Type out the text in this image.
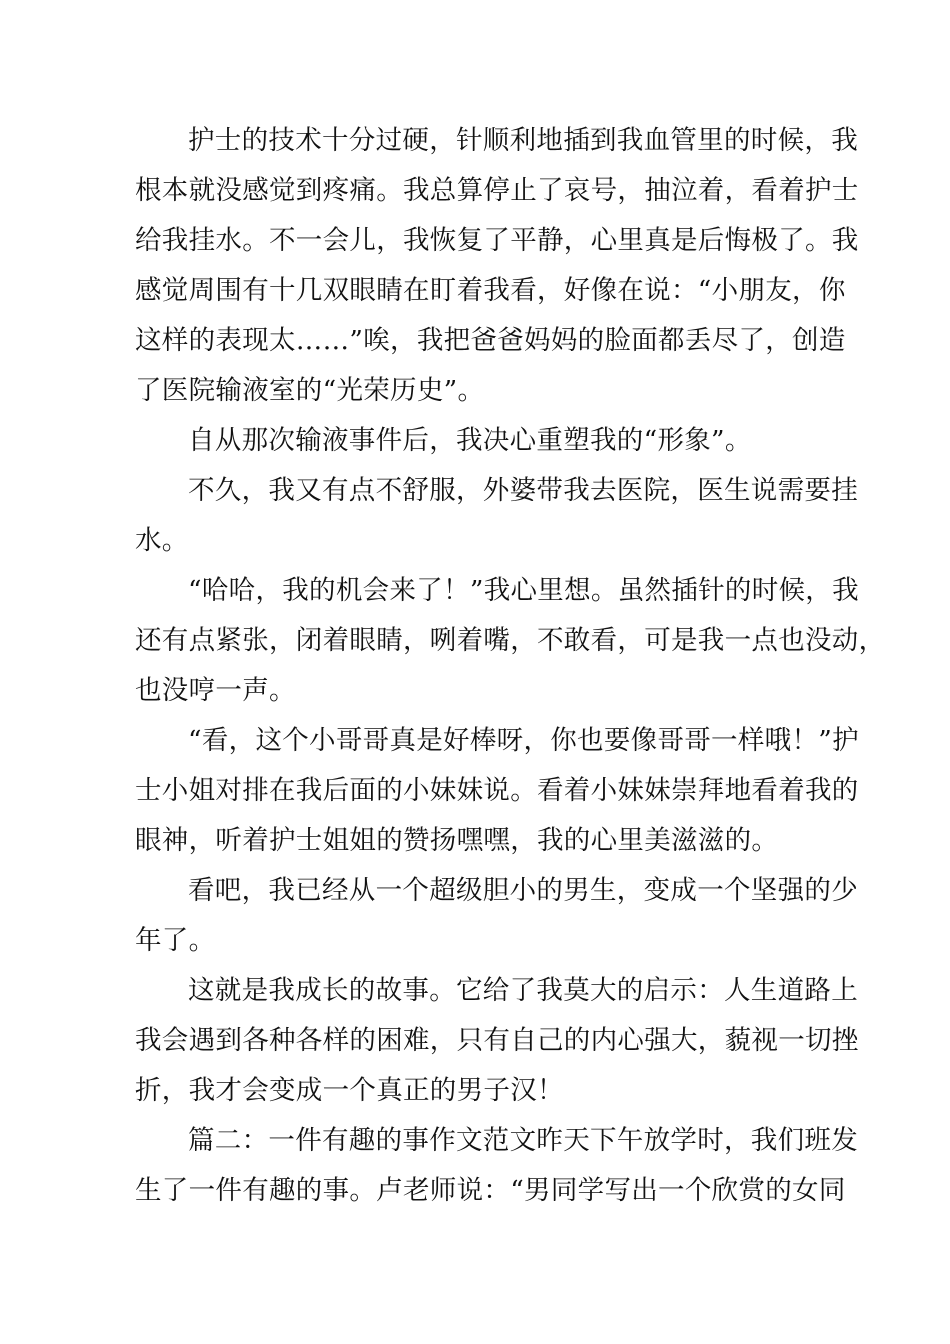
护士的技术十分过硬，针顺利地插到我血管里的时候，我
根本就没感觉到疼痛。我总算停止了哀号，抽泣着，看着护士
给我挂水。不一会儿，我恢复了平静，心里真是后悔极了。我
感觉周围有十几双眼睛在盯着我看，好像在说：“小朋友，你
这样的表现太……”唉，我把爸爸妈妈的脸面都丢尽了，创造
了医院输液室的“光荣历史”。

自从那次输液事件后，我决心重塑我的“形象”。

不久，我又有点不舒服，外婆带我去医院，医生说需要挂
水。

“哈哈，我的机会来了！”我心里想。虽然插针的时候，我
还有点紧张，闭着眼睛，咧着嘴，不敢看，可是我一点也没动，
也没哼一声。

“看，这个小哥哥真是好棒呀，你也要像哥哥一样哦！”护
士小姐对排在我后面的小妹妹说。看着小妹妹崇拜地看着我的
眼神，听着护士姐姐的赞扬嘿嘿，我的心里美滋滋的。

看吧，我已经从一个超级胆小的男生，变成一个坚强的少
年了。

这就是我成长的故事。它给了我莫大的启示：人生道路上
我会遇到各种各样的困难，只有自己的内心强大，藐视一切挫
折，我才会变成一个真正的男子汉！

篇二：一件有趣的事作文范文昨天下午放学时，我们班发
生了一件有趣的事。卢老师说：“男同学写出一个欣赏的女同
